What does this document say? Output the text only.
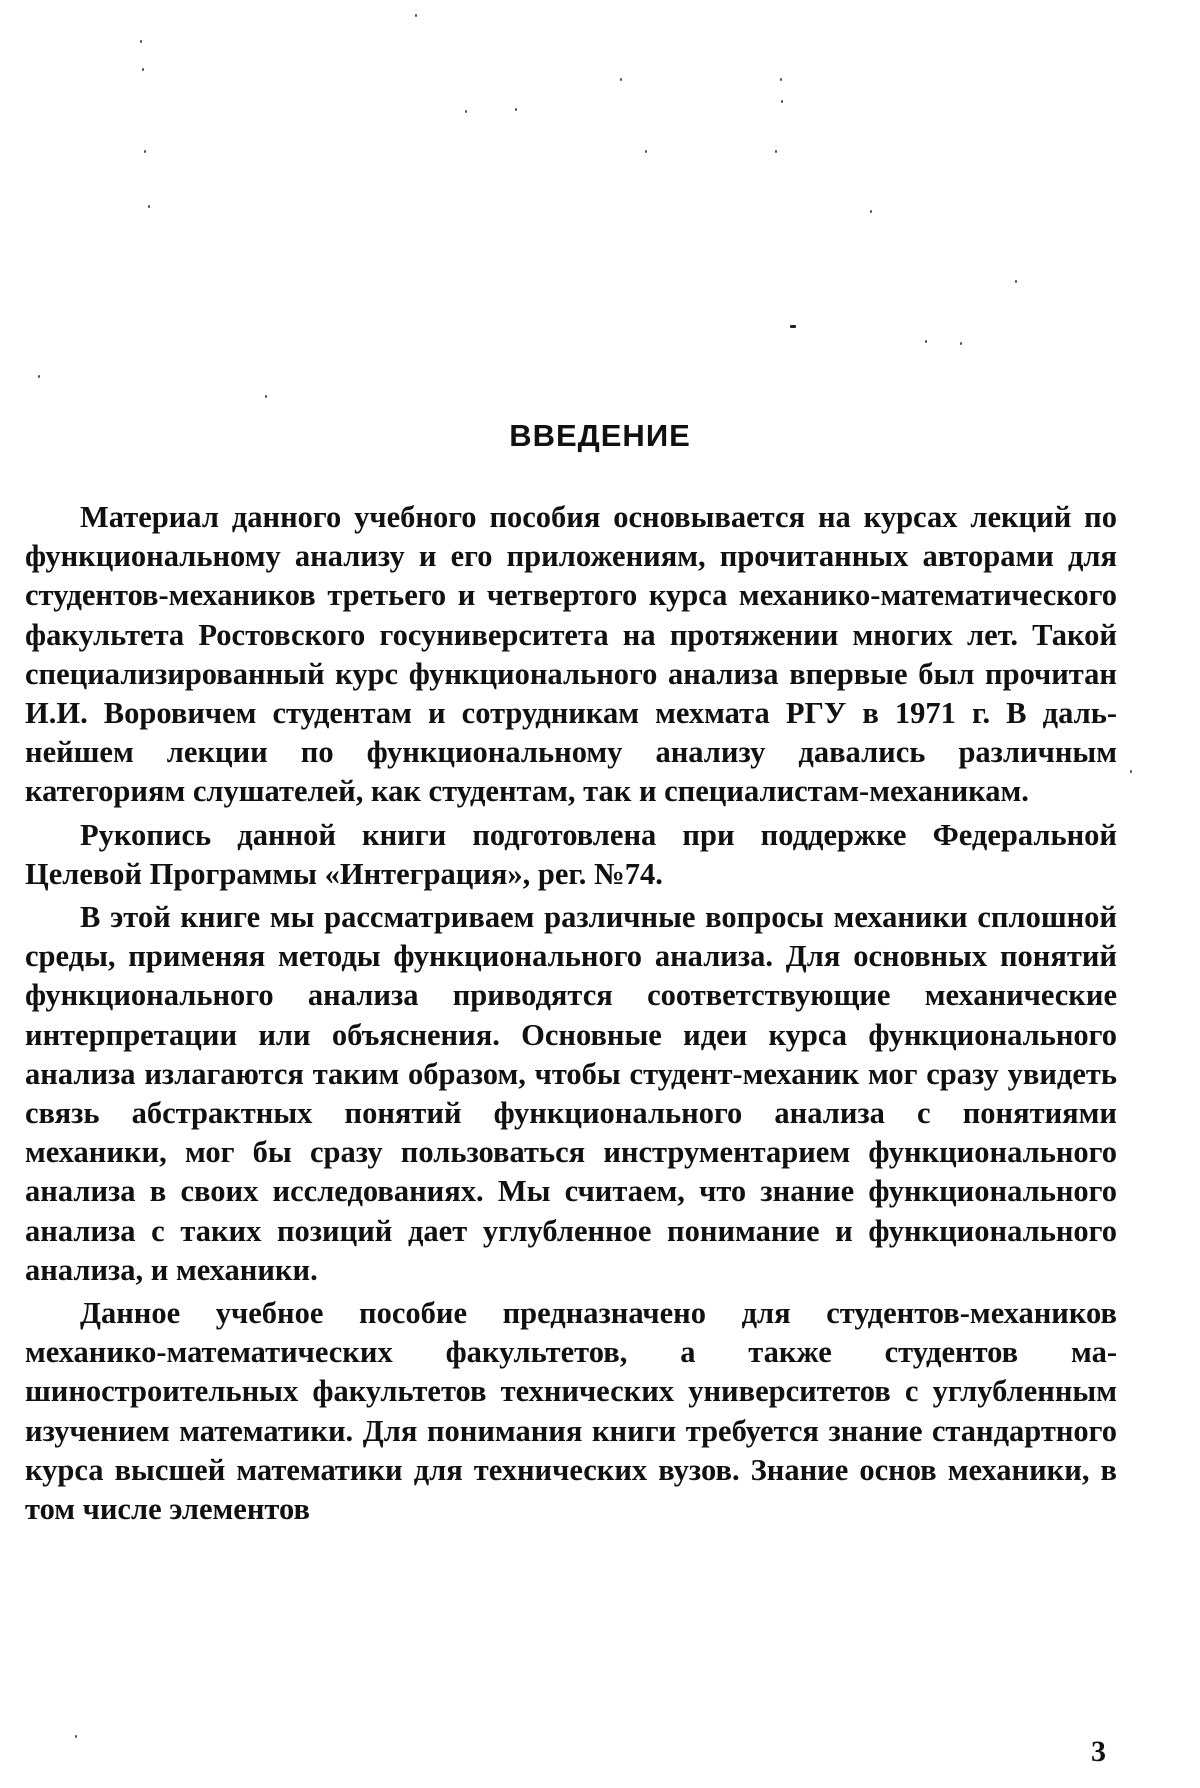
ВВЕДЕНИЕ

Материал данного учебного пособия основывается на курсах лекций по функциональному анализу и его приложениям, прочитанных авторами для студентов-механиков третьего и четвертого курса механико-математического факультета Ростовского госуниверситета на протяжении многих лет. Такой специализированный курс функционального анализа впервые был прочитан И.И. Воровичем студентам и сотрудникам мехмата РГУ в 1971 г. В дальнейшем лекции по функциональному анализу давались различным категориям слушателей, как студентам, так и специалистам-механикам.

Рукопись данной книги подготовлена при поддержке Федеральной Целевой Программы «Интеграция», рег. №74.

В этой книге мы рассматриваем различные вопросы механики сплошной среды, применяя методы функционального анализа. Для основных понятий функционального анализа приводятся соответствующие механические интерпретации или объяснения. Основные идеи курса функционального анализа излагаются таким образом, чтобы студент-механик мог сразу увидеть связь абстрактных понятий функционального анализа с понятиями механики, мог бы сразу пользоваться инструментарием функционального анализа в своих исследованиях. Мы считаем, что знание функционального анализа с таких позиций дает углубленное понимание и функционального анализа, и механики.

Данное учебное пособие предназначено для студентов-механиков механико-математических факультетов, а также студентов машиностроительных факультетов технических университетов с углубленным изучением математики. Для понимания книги требуется знание стандартного курса высшей математики для технических вузов. Знание основ механики, в том числе элементов

3
